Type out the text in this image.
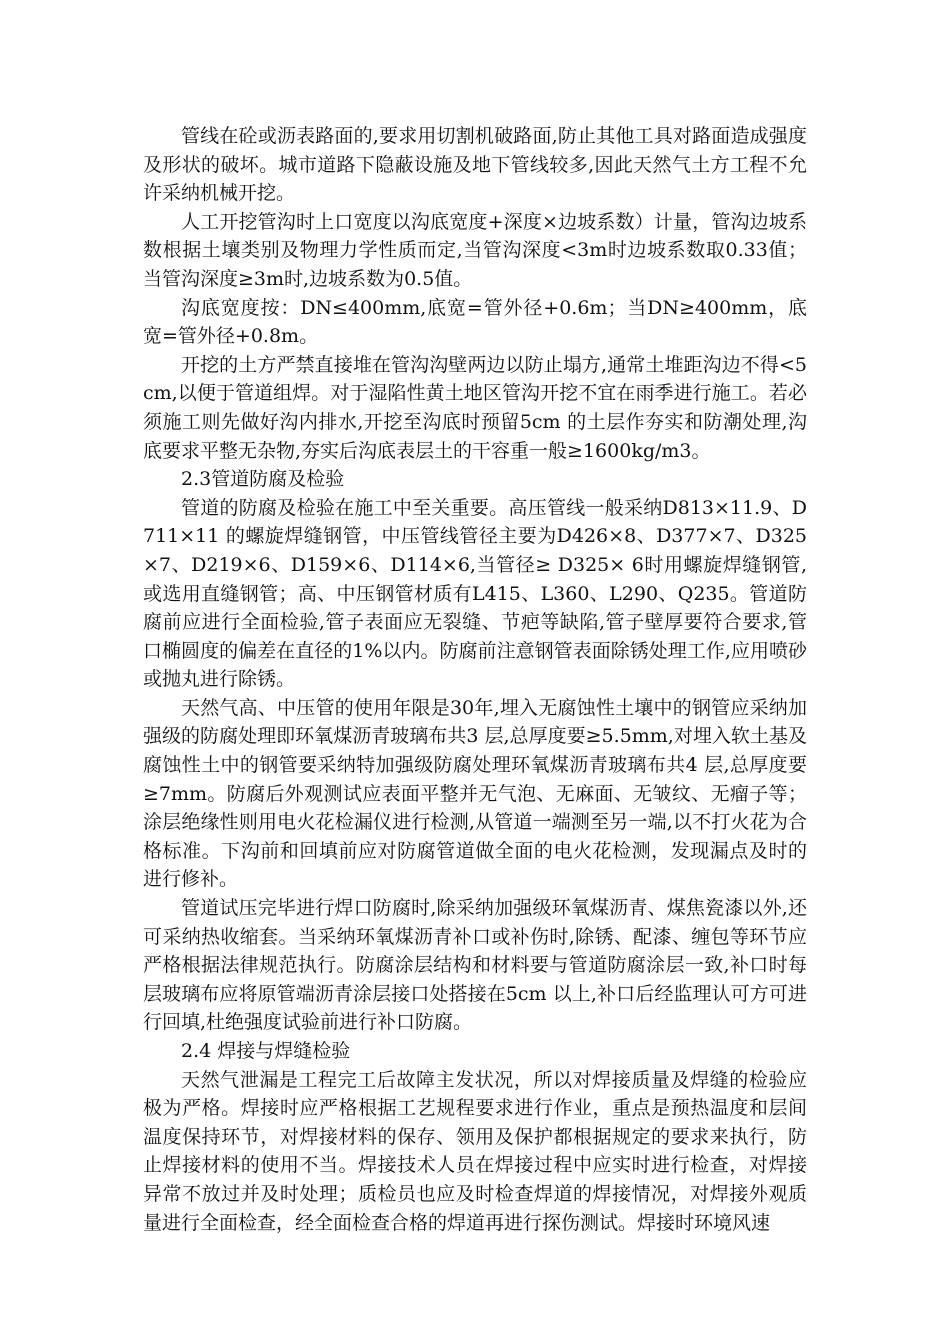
管线在砼或沥表路面的,要求用切割机破路面,防止其他工具对路面造成强度及形状的破坏。城市道路下隐蔽设施及地下管线较多,因此天然气土方工程不允许采纳机械开挖。

人工开挖管沟时上口宽度以沟底宽度+深度×边坡系数）计量，管沟边坡系数根据土壤类别及物理力学性质而定,当管沟深度<3m时边坡系数取0.33值；当管沟深度≥3m时,边坡系数为0.5值。

沟底宽度按：DN≤400mm,底宽=管外径+0.6m；当DN≥400mm，底宽=管外径+0.8m。

开挖的土方严禁直接堆在管沟沟壁两边以防止塌方,通常土堆距沟边不得<5cm,以便于管道组焊。对于湿陷性黄土地区管沟开挖不宜在雨季进行施工。若必须施工则先做好沟内排水,开挖至沟底时预留5cm 的土层作夯实和防潮处理,沟底要求平整无杂物,夯实后沟底表层土的干容重一般≥1600kg/m3。

2.3管道防腐及检验

管道的防腐及检验在施工中至关重要。高压管线一般采纳D813×11.9、D711×11 的螺旋焊缝钢管，中压管线管径主要为D426×8、D377×7、D325×7、D219×6、D159×6、D114×6,当管径≥ D325× 6时用螺旋焊缝钢管,或选用直缝钢管；高、中压钢管材质有L415、L360、L290、Q235。管道防腐前应进行全面检验,管子表面应无裂缝、节疤等缺陷,管子壁厚要符合要求,管口椭圆度的偏差在直径的1%以内。防腐前注意钢管表面除锈处理工作,应用喷砂或抛丸进行除锈。

天然气高、中压管的使用年限是30年,埋入无腐蚀性土壤中的钢管应采纳加强级的防腐处理即环氧煤沥青玻璃布共3 层,总厚度要≥5.5mm,对埋入软土基及腐蚀性土中的钢管要采纳特加强级防腐处理环氧煤沥青玻璃布共4 层,总厚度要≥7mm。防腐后外观测试应表面平整并无气泡、无麻面、无皱纹、无瘤子等；涂层绝缘性则用电火花检漏仪进行检测,从管道一端测至另一端,以不打火花为合格标准。下沟前和回填前应对防腐管道做全面的电火花检测，发现漏点及时的进行修补。

管道试压完毕进行焊口防腐时,除采纳加强级环氧煤沥青、煤焦瓷漆以外,还可采纳热收缩套。当采纳环氧煤沥青补口或补伤时,除锈、配漆、缠包等环节应严格根据法律规范执行。防腐涂层结构和材料要与管道防腐涂层一致,补口时每层玻璃布应将原管端沥青涂层接口处搭接在5cm 以上,补口后经监理认可方可进行回填,杜绝强度试验前进行补口防腐。

2.4 焊接与焊缝检验

天然气泄漏是工程完工后故障主发状况，所以对焊接质量及焊缝的检验应极为严格。焊接时应严格根据工艺规程要求进行作业，重点是预热温度和层间温度保持环节，对焊接材料的保存、领用及保护都根据规定的要求来执行，防止焊接材料的使用不当。焊接技术人员在焊接过程中应实时进行检查，对焊接异常不放过并及时处理；质检员也应及时检查焊道的焊接情况，对焊接外观质量进行全面检查，经全面检查合格的焊道再进行探伤测试。焊接时环境风速
